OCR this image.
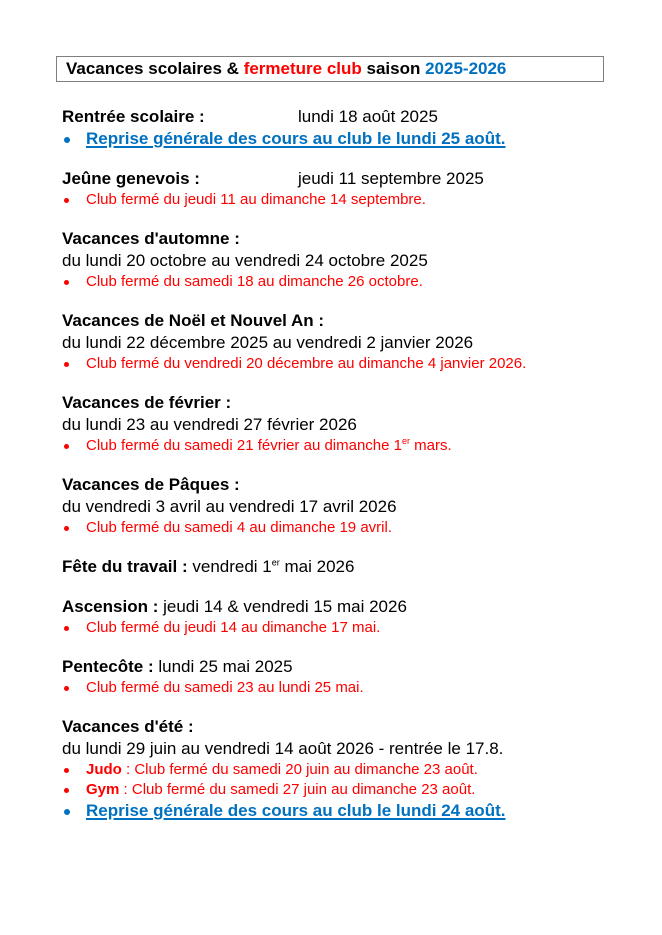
Vacances scolaires & fermeture club saison 2025-2026
Rentrée scolaire :	lundi 18 août 2025
Reprise générale des cours au club le lundi 25 août.
Jeûne genevois :	jeudi 11 septembre 2025
Club fermé du jeudi 11 au dimanche 14 septembre.
Vacances d'automne :
du lundi 20 octobre au vendredi 24 octobre 2025
Club fermé du samedi 18 au dimanche 26 octobre.
Vacances de Noël et Nouvel An :
du lundi 22 décembre 2025 au vendredi 2 janvier 2026
Club fermé du vendredi 20 décembre au dimanche 4 janvier 2026.
Vacances de février :
du lundi 23 au vendredi 27 février 2026
Club fermé du samedi 21 février au dimanche 1er mars.
Vacances de Pâques :
du vendredi 3 avril au vendredi 17 avril 2026
Club fermé du samedi 4 au dimanche 19 avril.
Fête du travail : vendredi 1er mai 2026
Ascension : jeudi 14 & vendredi 15 mai 2026
Club fermé du jeudi 14 au dimanche 17 mai.
Pentecôte : lundi 25 mai 2025
Club fermé du samedi 23 au lundi 25 mai.
Vacances d'été :
du lundi 29 juin au vendredi 14 août 2026 - rentrée le 17.8.
Judo : Club fermé du samedi 20 juin au dimanche 23 août.
Gym : Club fermé du samedi 27 juin au dimanche 23 août.
Reprise générale des cours au club le lundi 24 août.
